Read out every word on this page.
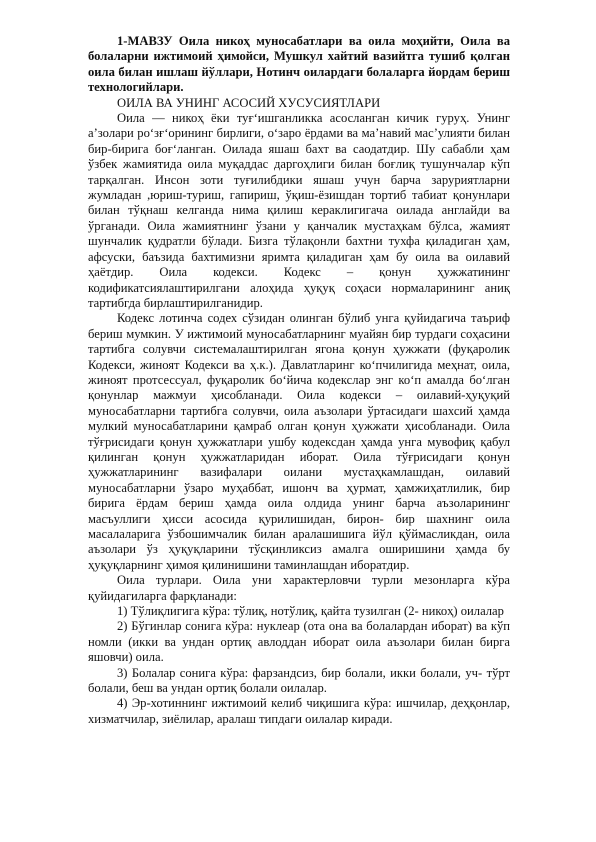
1-МАВЗУ Оила никоҳ муносабатлари ва оила моҳийти, Оила ва болаларни ижтимоий ҳимойси, Мушкул хайтий вазийтга тушиб қолган оила билан ишлаш йўллари, Нотинч оилардаги болаларга йордам бериш технологийлари.

ОИЛА ВА УНИНГ АСОСИЙ ХУСУСИЯТЛАРИ

Оила — никоҳ ёки туғ‘ишганликка асосланган кичик гуруҳ. Унинг а’золари ро‘зғ‘орининг бирлиги, о‘заро ёрдами ва ма’навий мас’улияти билан бир-бирига боғ‘ланган. Оилада яшаш бахт ва саодатдир. Шу сабабли ҳам ўзбек жамиятида оила муқаддас даргоҳлиги билан боғлиқ тушунчалар кўп тарқалган. Инсон зоти туғилибдики яшаш учун барча заруриятларни жумладан ,юриш-туриш, гапириш, ўқиш-ёзишдан тортиб табиат қонунлари билан тўқнаш келганда нима қилиш кераклигигача оилада англайди ва ўрганади. Оила жамиятнинг ўзани у қанчалик мустаҳкам бўлса, жамият шунчалик қудратли бўлади. Бизга тўлақонли бахтни тухфа қиладиган ҳам, афсуски, баъзида бахтимизни яримта қиладиган ҳам бу оила ва оилавий ҳаётдир. Оила кодекси. Кодекс – қонун ҳужжатининг кодификатсиялаштирилгани алоҳида ҳуқуқ соҳаси нормаларининг аниқ тартибгда бирлаштирилганидир.

Кодекс лотинча содех сўзидан олинган бўлиб унга қуйидагича таъриф бериш мумкин. У ижтимоий муносабатларнинг муайян бир турдаги соҳасини тартибга солувчи системалаштирилган ягона қонун ҳужжати (фуқаролик Кодекси, жиноят Кодекси ва ҳ.к.). Давлатларинг ко‘пчилигида меҳнат, оила, жиноят протсессуал, фуқаролик бо‘йича кодекслар энг ко‘п амалда бо‘лган қонунлар мажмуи ҳисобланади. Оила кодекси – оилавий-ҳуқуқий муносабатларни тартибга солувчи, оила аъзолари ўртасидаги шахсий ҳамда мулкий муносабатларини қамраб олган қонун ҳужжати ҳисобланади. Оила тўғрисидаги қонун ҳужжатлари ушбу кодексдан ҳамда унга мувофиқ қабул қилинган қонун ҳужжатларидан иборат. Оила тўғрисидаги қонун ҳужжатларининг вазифалари оилани мустаҳкамлашдан, оилавий муносабатларни ўзаро муҳаббат, ишонч ва ҳурмат, ҳамжиҳатлилик, бир бирига ёрдам бериш ҳамда оила олдида унинг барча аъзоларининг масъуллиги ҳисси асосида қурилишидан, бирон- бир шахнинг оила масалаларига ўзбошимчалик билан аралашишига йўл қўймасликдан, оила аъзолари ўз ҳуқуқларини тўсқинликсиз амалга оширишини ҳамда бу ҳуқуқларнинг ҳимоя қилинишини таминлашдан иборатдир.

Оила турлари. Оила уни характерловчи турли мезонларга кўра қуйидагиларга фарқланади:

1) Тўлиқлигига кўра: тўлиқ, нотўлиқ, қайта тузилган (2- никоҳ) оилалар

2) Бўгинлар сонига кўра: нуклеар (ота она ва болалардан иборат) ва кўп номли (икки ва ундан ортиқ авлоддан иборат оила аъзолари билан бирга яшовчи) оила.

3) Болалар сонига кўра: фарзандсиз, бир болали, икки болали, уч- тўрт болали, беш ва ундан ортиқ болали оилалар.

4) Эр-хотиннинг ижтимоий келиб чиқишига кўра: ишчилар, деҳқонлар, хизматчилар, зиёлилар, аралаш типдаги оилалар киради.
